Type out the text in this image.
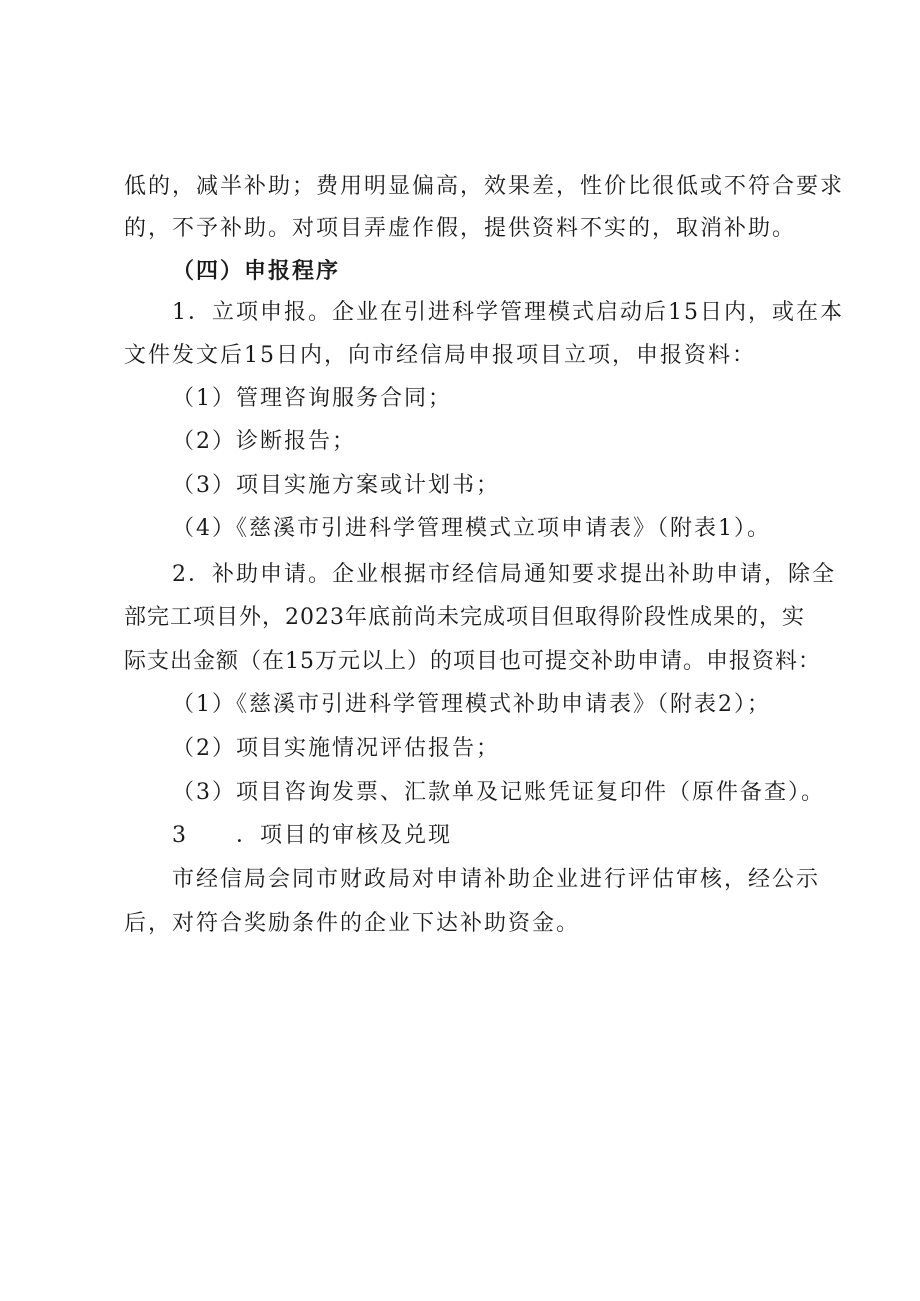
低的，减半补助；费用明显偏高，效果差，性价比很低或不符合要求
的，不予补助。对项目弄虚作假，提供资料不实的，取消补助。
（四）申报程序
1．立项申报。企业在引进科学管理模式启动后15日内，或在本
文件发文后15日内，向市经信局申报项目立项，申报资料：
（1）管理咨询服务合同；
（2）诊断报告；
（3）项目实施方案或计划书；
（4）《慈溪市引进科学管理模式立项申请表》（附表1）。
2．补助申请。企业根据市经信局通知要求提出补助申请，除全
部完工项目外，2023年底前尚未完成项目但取得阶段性成果的，实
际支出金额（在15万元以上）的项目也可提交补助申请。申报资料：
（1）《慈溪市引进科学管理模式补助申请表》（附表2）；
（2）项目实施情况评估报告；
（3）项目咨询发票、汇款单及记账凭证复印件（原件备查）。
3　　．项目的审核及兑现
市经信局会同市财政局对申请补助企业进行评估审核，经公示
后，对符合奖励条件的企业下达补助资金。
